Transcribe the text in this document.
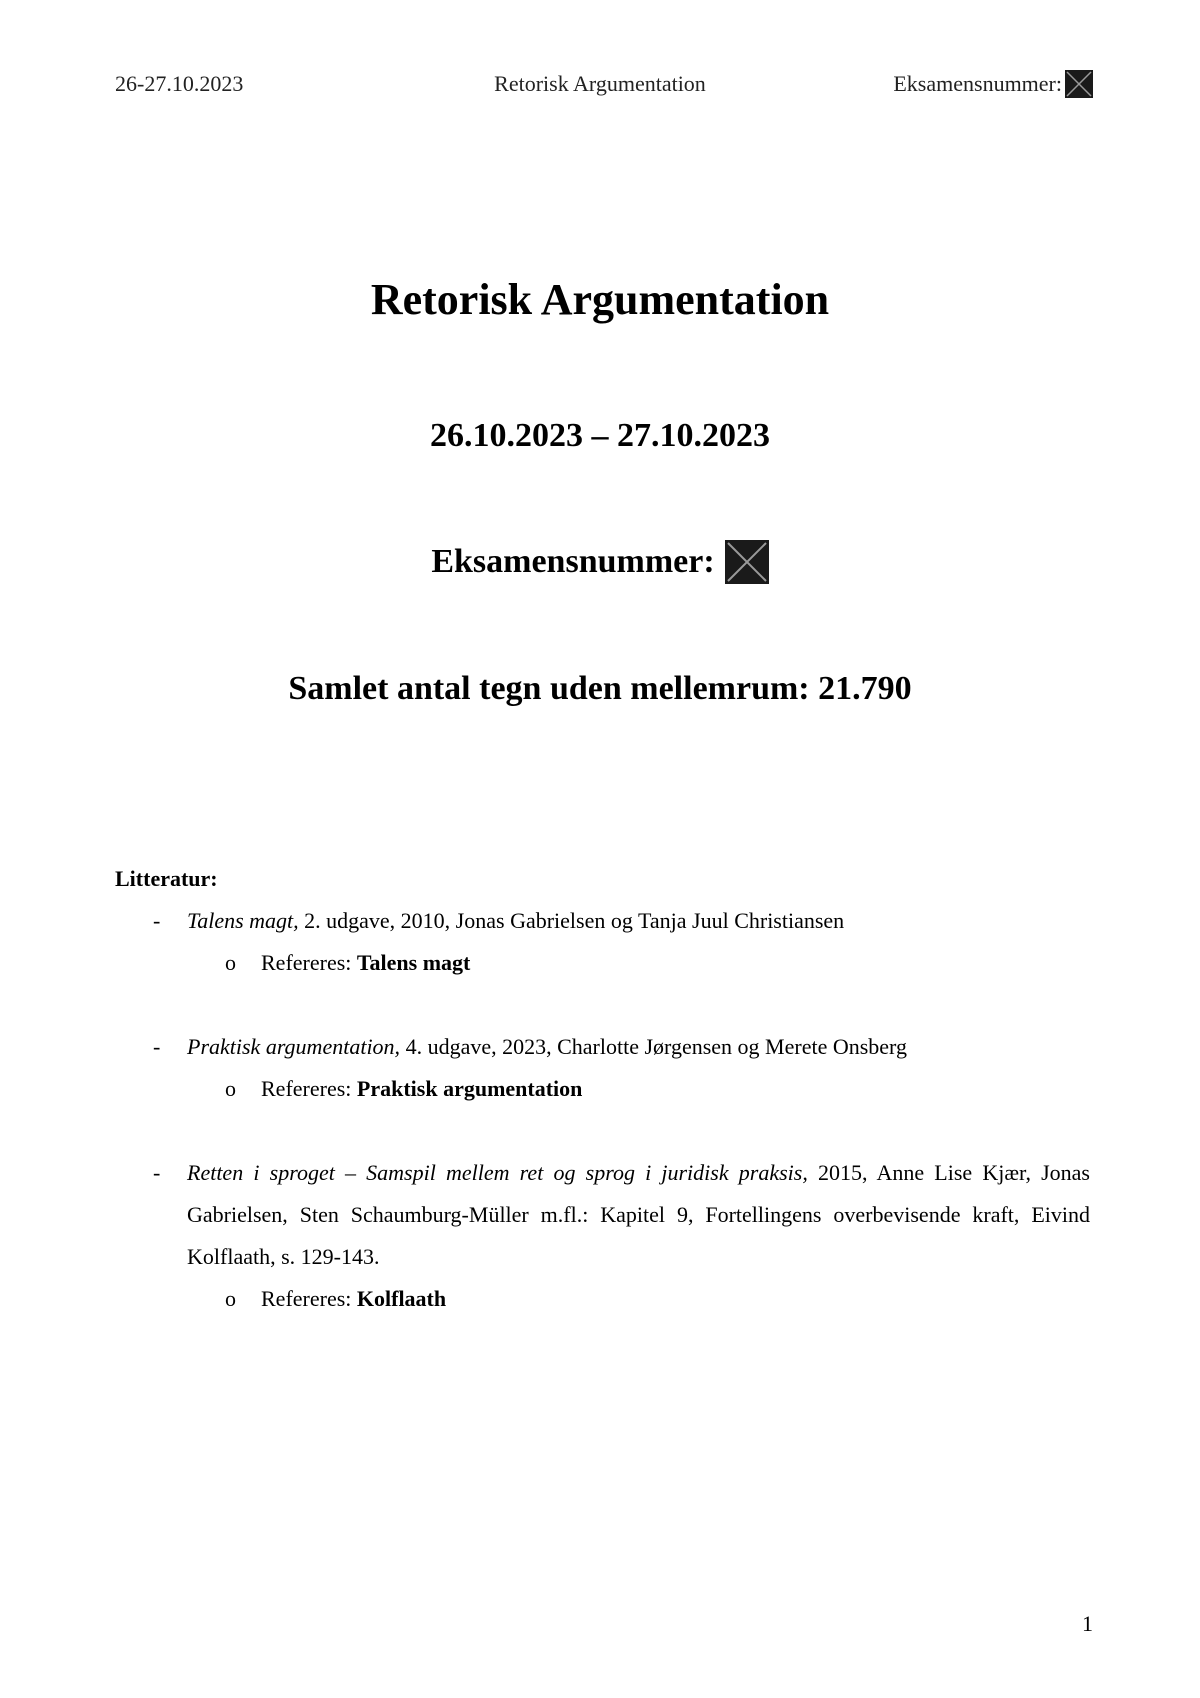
26-27.10.2023	Retorisk Argumentation	Eksamensnummer:
Retorisk Argumentation
26.10.2023 – 27.10.2023
Eksamensnummer:
Samlet antal tegn uden mellemrum: 21.790

Litteratur:

- Talens magt, 2. udgave, 2010, Jonas Gabrielsen og Tanja Juul Christiansen
o Refereres: Talens magt
- Praktisk argumentation, 4. udgave, 2023, Charlotte Jørgensen og Merete Onsberg
o Refereres: Praktisk argumentation
- Retten i sproget – Samspil mellem ret og sprog i juridisk praksis, 2015, Anne Lise Kjær, Jonas Gabrielsen, Sten Schaumburg-Müller m.fl.: Kapitel 9, Fortellingens overbevisende kraft, Eivind Kolflaath, s. 129-143.
o Refereres: Kolflaath
1
